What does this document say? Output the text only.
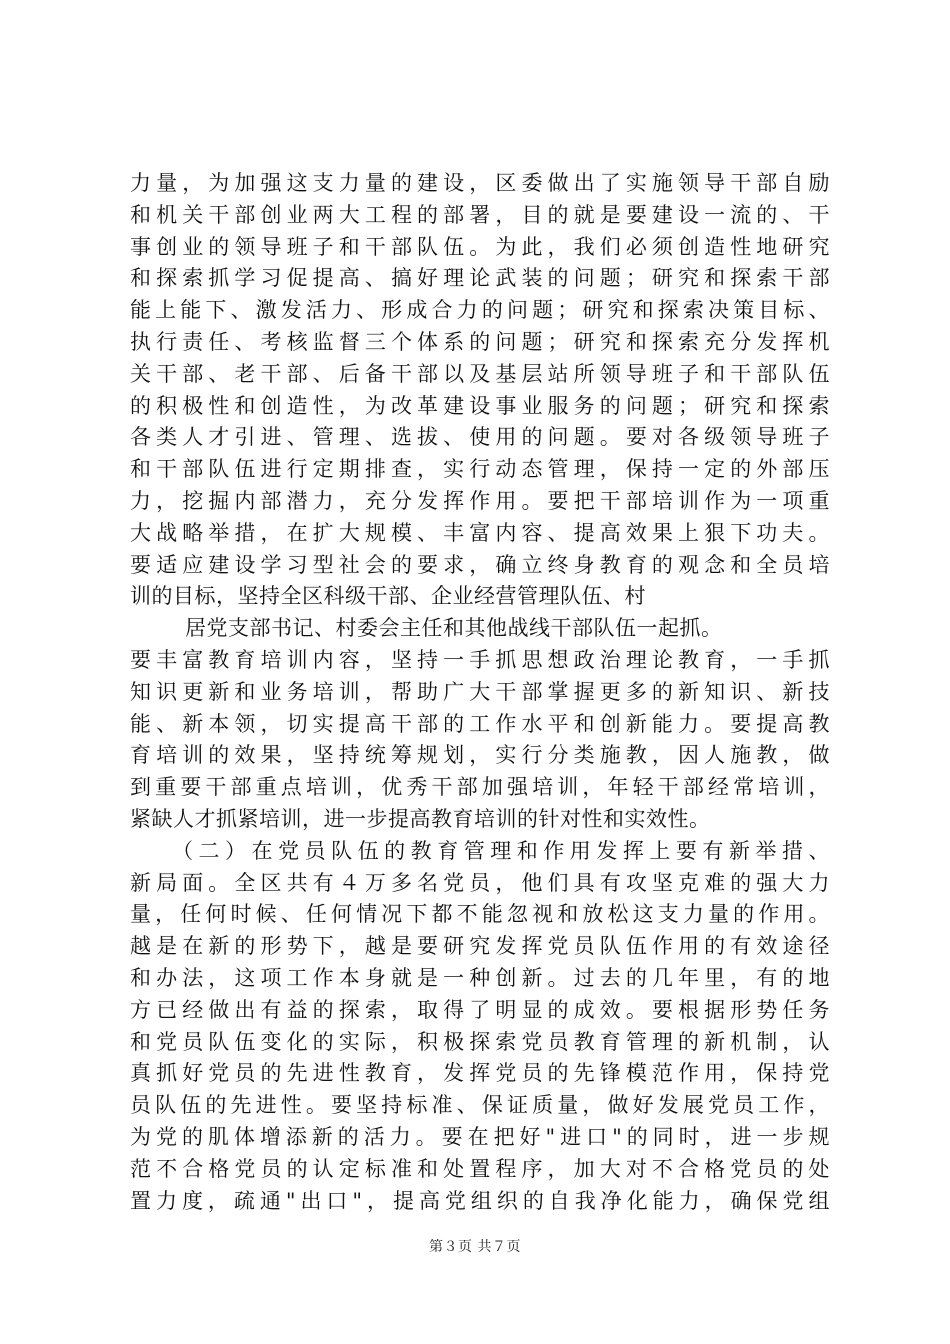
力量，为加强这支力量的建设，区委做出了实施领导干部自励
和机关干部创业两大工程的部署，目的就是要建设一流的、干
事创业的领导班子和干部队伍。为此，我们必须创造性地研究
和探索抓学习促提高、搞好理论武装的问题；研究和探索干部
能上能下、激发活力、形成合力的问题；研究和探索决策目标、
执行责任、考核监督三个体系的问题；研究和探索充分发挥机
关干部、老干部、后备干部以及基层站所领导班子和干部队伍
的积极性和创造性，为改革建设事业服务的问题；研究和探索
各类人才引进、管理、选拔、使用的问题。要对各级领导班子
和干部队伍进行定期排查，实行动态管理，保持一定的外部压
力，挖掘内部潜力，充分发挥作用。要把干部培训作为一项重
大战略举措，在扩大规模、丰富内容、提高效果上狠下功夫。
要适应建设学习型社会的要求，确立终身教育的观念和全员培
训的目标，坚持全区科级干部、企业经营管理队伍、村
居党支部书记、村委会主任和其他战线干部队伍一起抓。
要丰富教育培训内容，坚持一手抓思想政治理论教育，一手抓
知识更新和业务培训，帮助广大干部掌握更多的新知识、新技
能、新本领，切实提高干部的工作水平和创新能力。要提高教
育培训的效果，坚持统筹规划，实行分类施教，因人施教，做
到重要干部重点培训，优秀干部加强培训，年轻干部经常培训，
紧缺人才抓紧培训，进一步提高教育培训的针对性和实效性。
（二）在党员队伍的教育管理和作用发挥上要有新举措、
新局面。全区共有４万多名党员，他们具有攻坚克难的强大力
量，任何时候、任何情况下都不能忽视和放松这支力量的作用。
越是在新的形势下，越是要研究发挥党员队伍作用的有效途径
和办法，这项工作本身就是一种创新。过去的几年里，有的地
方已经做出有益的探索，取得了明显的成效。要根据形势任务
和党员队伍变化的实际，积极探索党员教育管理的新机制，认
真抓好党员的先进性教育，发挥党员的先锋模范作用，保持党
员队伍的先进性。要坚持标准、保证质量，做好发展党员工作，
为党的肌体增添新的活力。要在把好"进口"的同时，进一步规
范不合格党员的认定标准和处置程序，加大对不合格党员的处
置力度，疏通"出口"，提高党组织的自我净化能力，确保党组
第３页 共７页
